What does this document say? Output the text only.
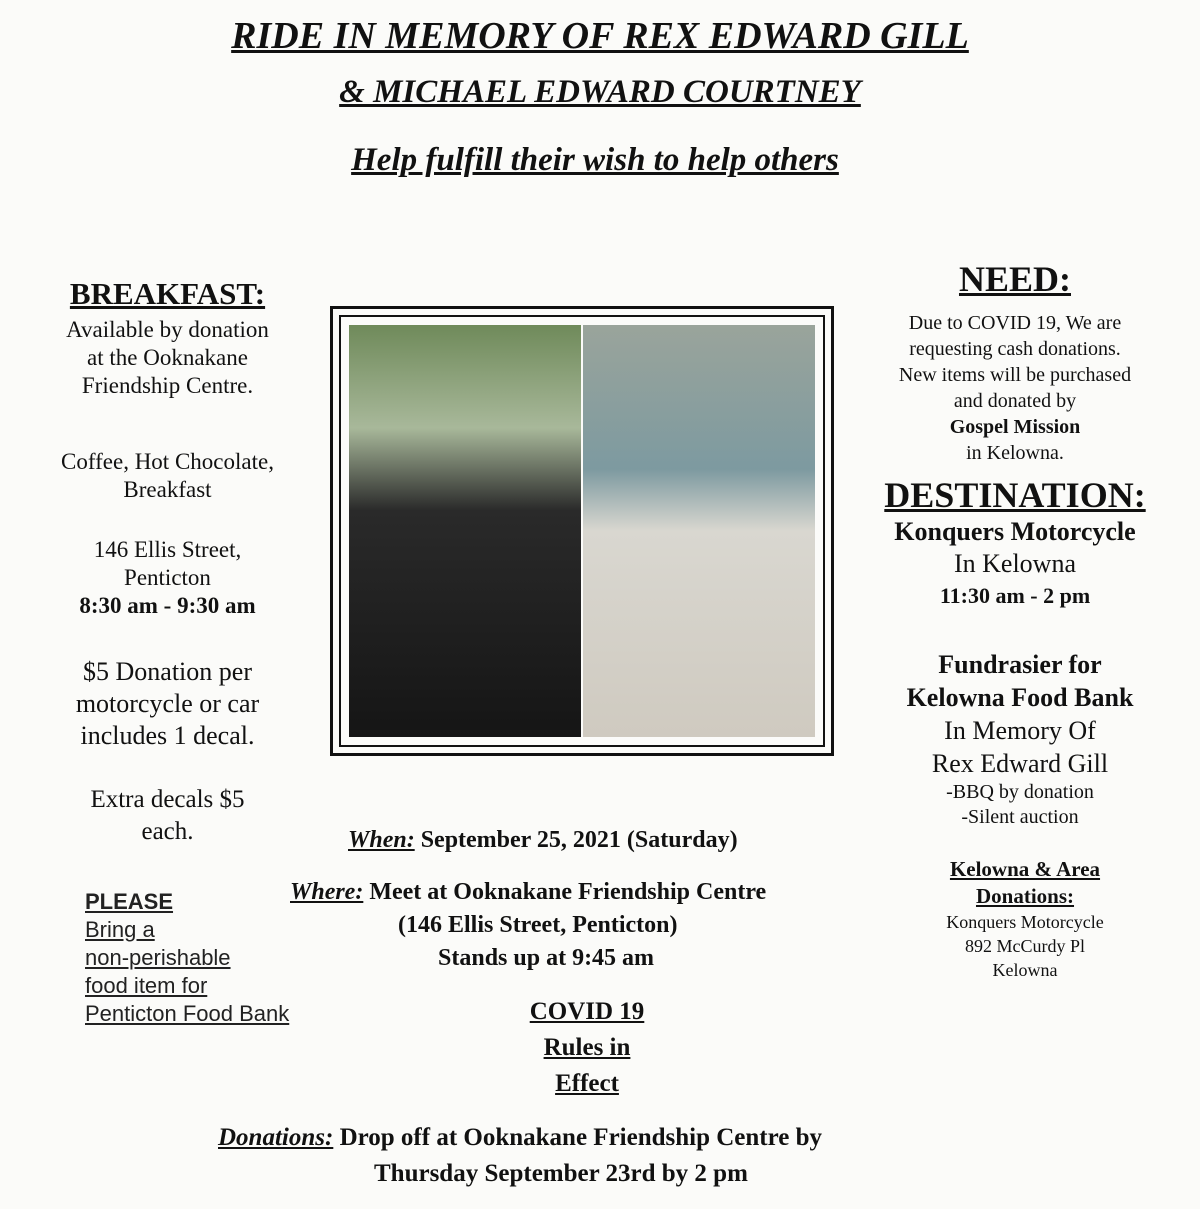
RIDE IN MEMORY OF REX EDWARD GILL
& MICHAEL EDWARD COURTNEY
Help fulfill their wish to help others
BREAKFAST:
Available by donation
at the Ooknakane
Friendship Centre.
Coffee, Hot Chocolate,
Breakfast
146 Ellis Street,
Penticton
8:30 am - 9:30 am
$5 Donation per
motorcycle or car
includes 1 decal.
Extra decals $5
each.
PLEASE
Bring a
non-perishable
food item for
Penticton Food Bank
NEED:
Due to COVID 19, We are
requesting cash donations.
New items will be purchased
and donated by
Gospel Mission
in Kelowna.
DESTINATION:
Konquers Motorcycle
In Kelowna
11:30 am - 2 pm
Fundrasier for
Kelowna Food Bank
In Memory Of
Rex Edward Gill
-BBQ by donation
-Silent auction
Kelowna & Area
Donations:
Konquers Motorcycle
892 McCurdy Pl
Kelowna
When: September 25, 2021 (Saturday)
Where: Meet at Ooknakane Friendship Centre
(146 Ellis Street, Penticton)
Stands up at 9:45 am
COVID 19
Rules in
Effect
Donations: Drop off at Ooknakane Friendship Centre by
Thursday September 23rd by 2 pm
